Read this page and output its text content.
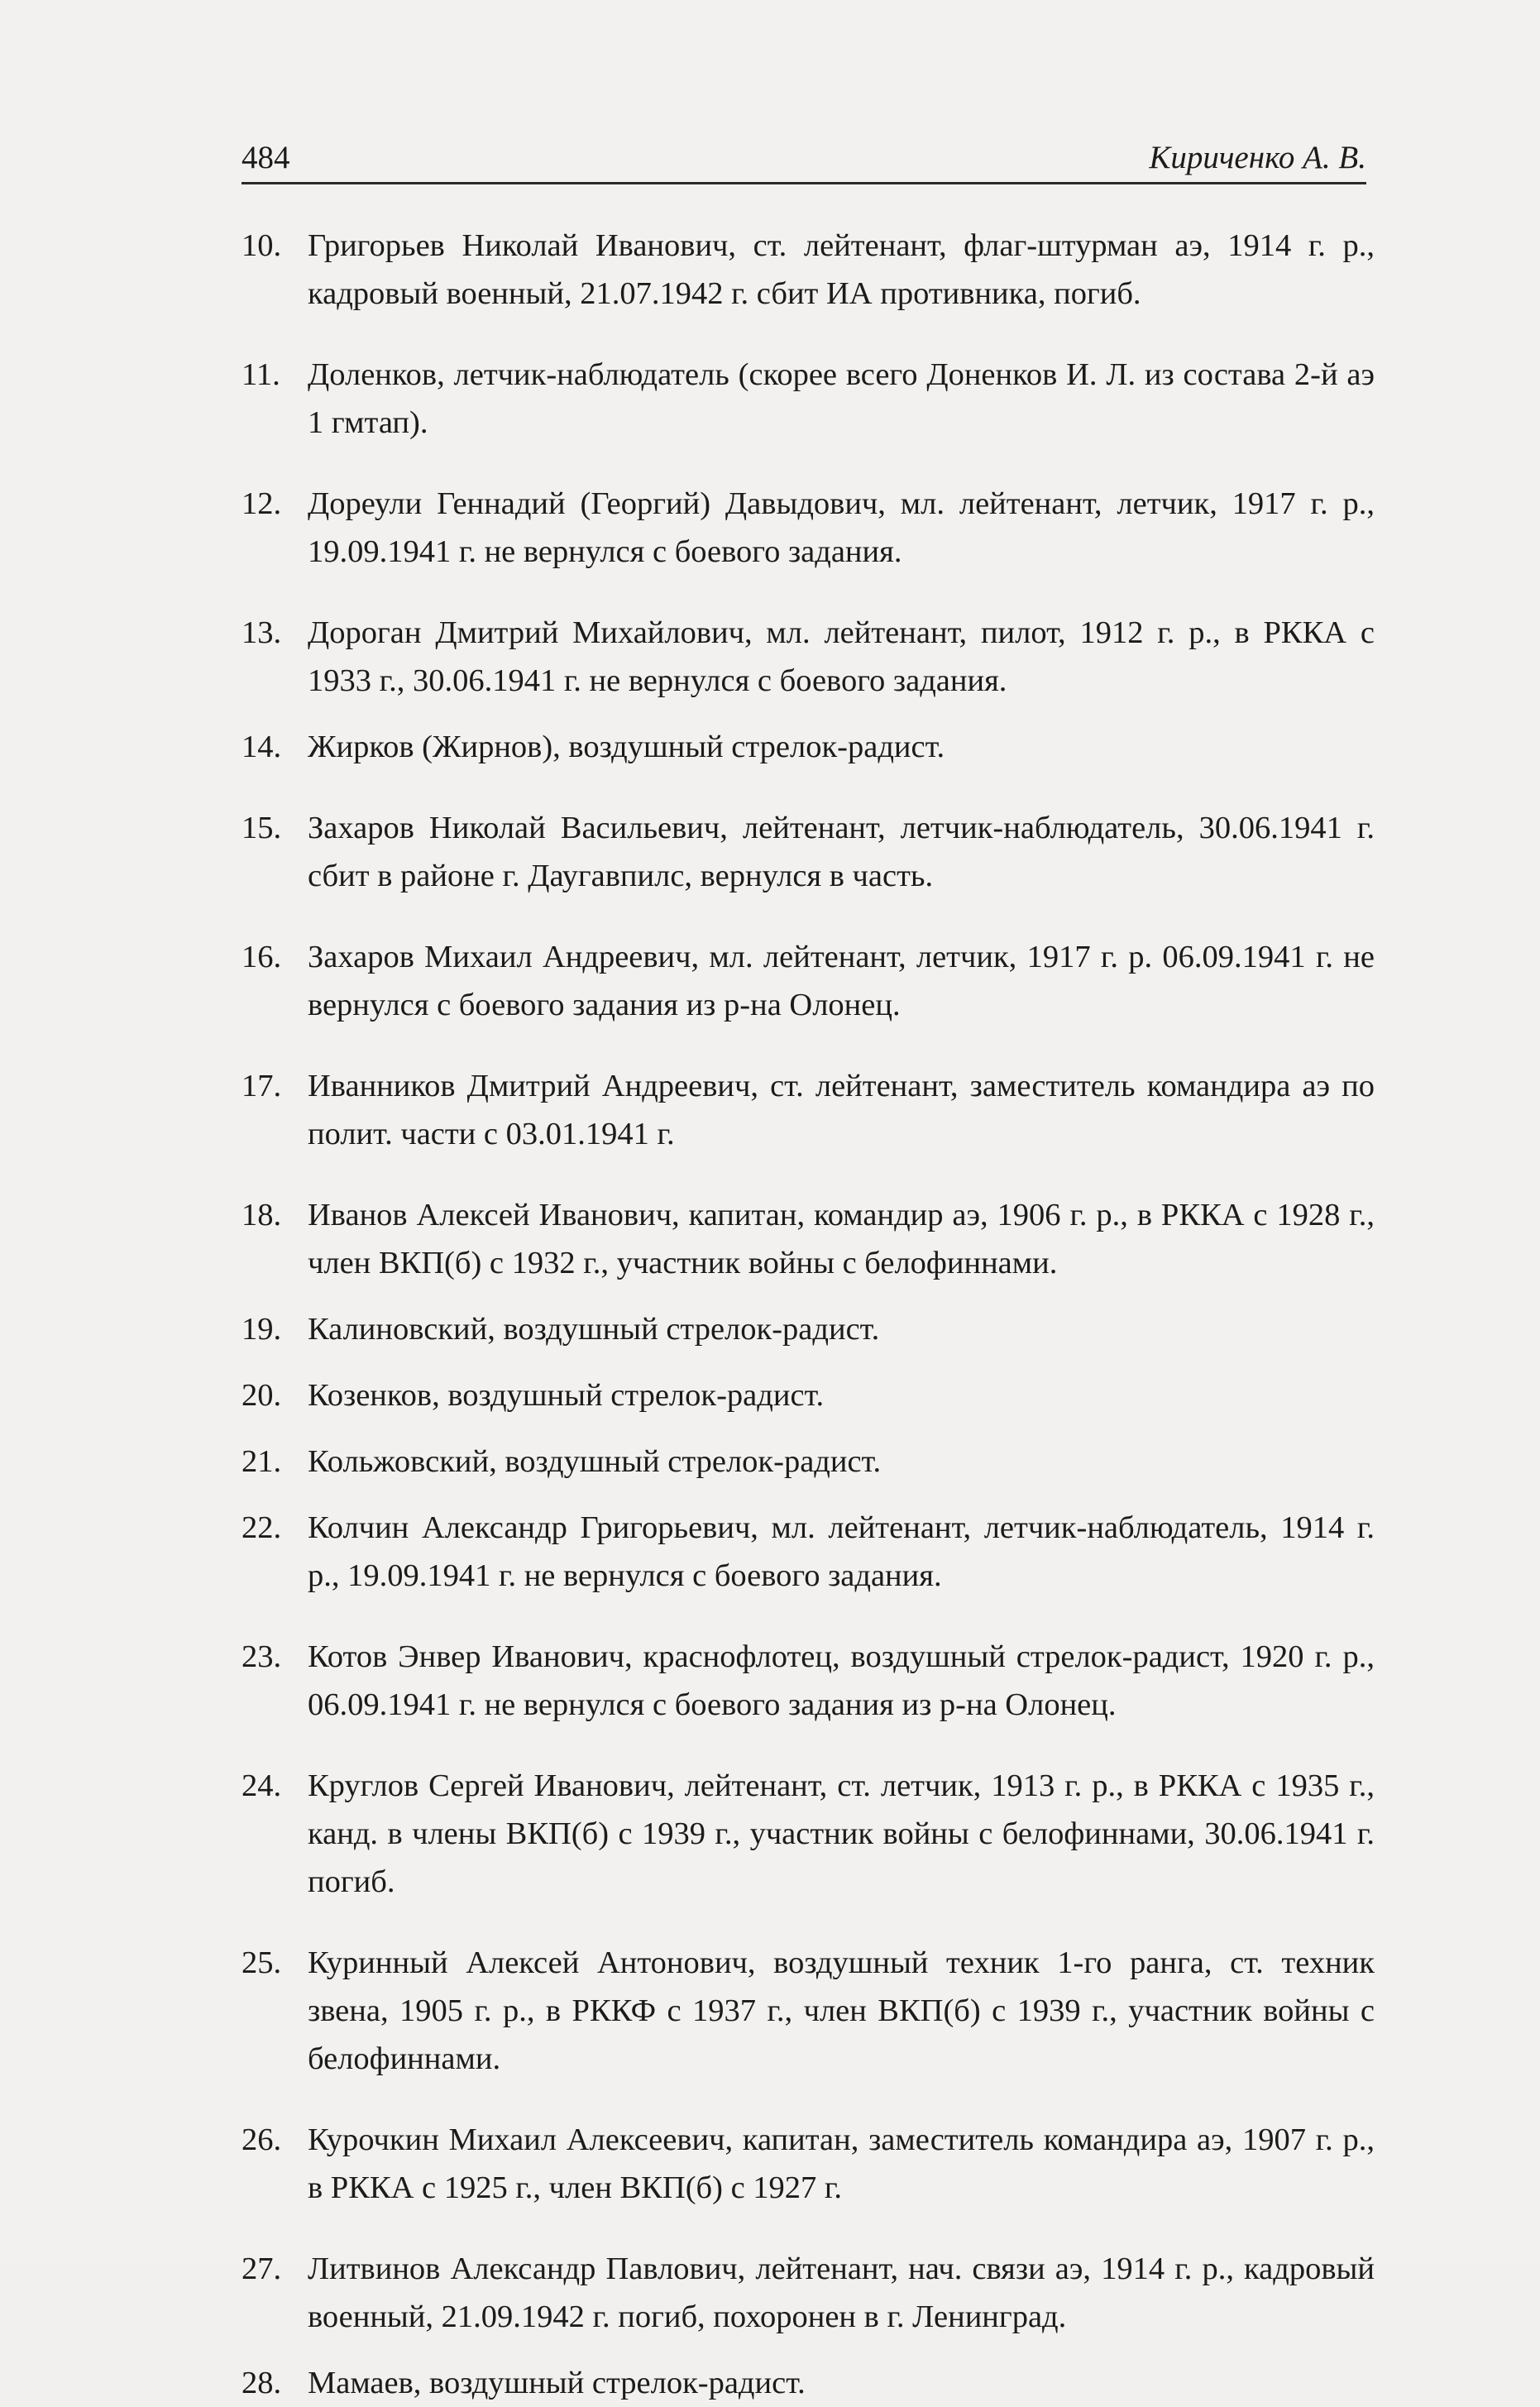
484	Кириченко А. В.
10. Григорьев Николай Иванович, ст. лейтенант, флаг-штурман аэ, 1914 г. р., кадровый военный, 21.07.1942 г. сбит ИА противника, погиб.
11. Доленков, летчик-наблюдатель (скорее всего Доненков И. Л. из состава 2-й аэ 1 гмтап).
12. Дореули Геннадий (Георгий) Давыдович, мл. лейтенант, летчик, 1917 г. р., 19.09.1941 г. не вернулся с боевого задания.
13. Дороган Дмитрий Михайлович, мл. лейтенант, пилот, 1912 г. р., в РККА с 1933 г., 30.06.1941 г. не вернулся с боевого задания.
14. Жирков (Жирнов), воздушный стрелок-радист.
15. Захаров Николай Васильевич, лейтенант, летчик-наблюдатель, 30.06.1941 г. сбит в районе г. Даугавпилс, вернулся в часть.
16. Захаров Михаил Андреевич, мл. лейтенант, летчик, 1917 г. р. 06.09.1941 г. не вернулся с боевого задания из р-на Олонец.
17. Иванников Дмитрий Андреевич, ст. лейтенант, заместитель командира аэ по полит. части с 03.01.1941 г.
18. Иванов Алексей Иванович, капитан, командир аэ, 1906 г. р., в РККА с 1928 г., член ВКП(б) с 1932 г., участник войны с белофиннами.
19. Калиновский, воздушный стрелок-радист.
20. Козенков, воздушный стрелок-радист.
21. Кольжовский, воздушный стрелок-радист.
22. Колчин Александр Григорьевич, мл. лейтенант, летчик-наблюдатель, 1914 г. р., 19.09.1941 г. не вернулся с боевого задания.
23. Котов Энвер Иванович, краснофлотец, воздушный стрелок-радист, 1920 г. р., 06.09.1941 г. не вернулся с боевого задания из р-на Олонец.
24. Круглов Сергей Иванович, лейтенант, ст. летчик, 1913 г. р., в РККА с 1935 г., канд. в члены ВКП(б) с 1939 г., участник войны с белофиннами, 30.06.1941 г. погиб.
25. Куринный Алексей Антонович, воздушный техник 1-го ранга, ст. техник звена, 1905 г. р., в РККФ с 1937 г., член ВКП(б) с 1939 г., участник войны с белофиннами.
26. Курочкин Михаил Алексеевич, капитан, заместитель командира аэ, 1907 г. р., в РККА с 1925 г., член ВКП(б) с 1927 г.
27. Литвинов Александр Павлович, лейтенант, нач. связи аэ, 1914 г. р., кадровый военный, 21.09.1942 г. погиб, похоронен в г. Ленинград.
28. Мамаев, воздушный стрелок-радист.
